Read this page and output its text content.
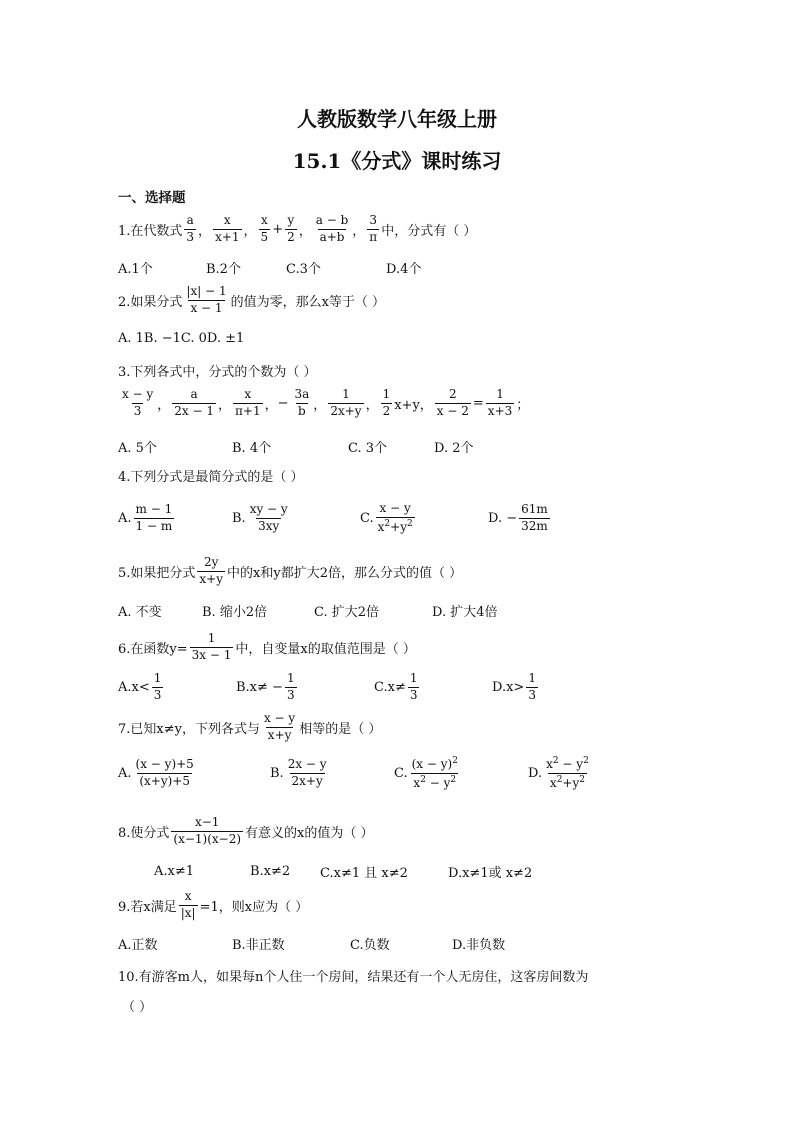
人教版数学八年级上册
15.1《分式》课时练习
一、选择题
1.在代数式 $\frac{a}{3}$ ， $\frac{x}{x+1}$ ， $\frac{x}{5} + \frac{y}{2}$ ， $\frac{a - b}{a+b}$ ， $\frac{3}{\pi}$ 中，分式有（ ）
A.1个	B.2个	C.3个	D.4个
2.如果分式 $\frac{|x| - 1}{x - 1}$ 的值为零，那么x等于（ ）
A. 1B. −1C. 0D. ±1
3.下列各式中，分式的个数为（ ）
$\frac{x - y}{3}$ ， $\frac{a}{2x - 1}$ ， $\frac{x}{\pi+1}$ ， − $\frac{3a}{b}$ ， $\frac{1}{2x+y}$ ， $\frac{1}{2} x+y$， $\frac{2}{x - 2} = \frac{1}{x+3}$ ；
A. 5个	B. 4个	C. 3个	D. 2个
4.下列分式是最简分式的是（ ）
A. $\frac{m - 1}{1 - m}$	B. $\frac{xy - y}{3xy}$	C. $\frac{x - y}{x^2+y^2}$	D. − $\frac{61m}{32m}$
5.如果把分式 $\frac{2y}{x+y}$ 中的x和y都扩大2倍，那么分式的值（ ）
A. 不变	B. 缩小2倍	C. 扩大2倍	D. 扩大4倍
6.在函数$y= \frac{1}{3x - 1}$ 中，自变量x的取值范围是（ ）
$A.x< \frac{1}{3}$	$B.x\ne - \frac{1}{3}$	$C.x\ne \frac{1}{3}$	$D.x> \frac{1}{3}$
7.已知x≠y，下列各式与 $\frac{x - y}{x+y}$ 相等的是（ ）
A. $\frac{(x - y)+5}{(x+y)+5}$	B. $\frac{2x - y}{2x+y}$	C. $\frac{(x - y)^2}{x^2 - y^2}$	D. $\frac{x^2 - y^2}{x^2+y^2}$
8.使分式 $\frac{x-1}{(x-1)(x-2)}$ 有意义的x的值为（ ）
A.x≠1	B.x≠2	C.x≠1 且 x≠2	D.x≠1或 x≠2
9.若x满足 $\frac{x}{|x|} =1$，则x应为（ ）
A.正数	B.非正数	C.负数	D.非负数
10.有游客m人，如果每n个人住一个房间，结果还有一个人无房住，这客房间数为
（ ）
